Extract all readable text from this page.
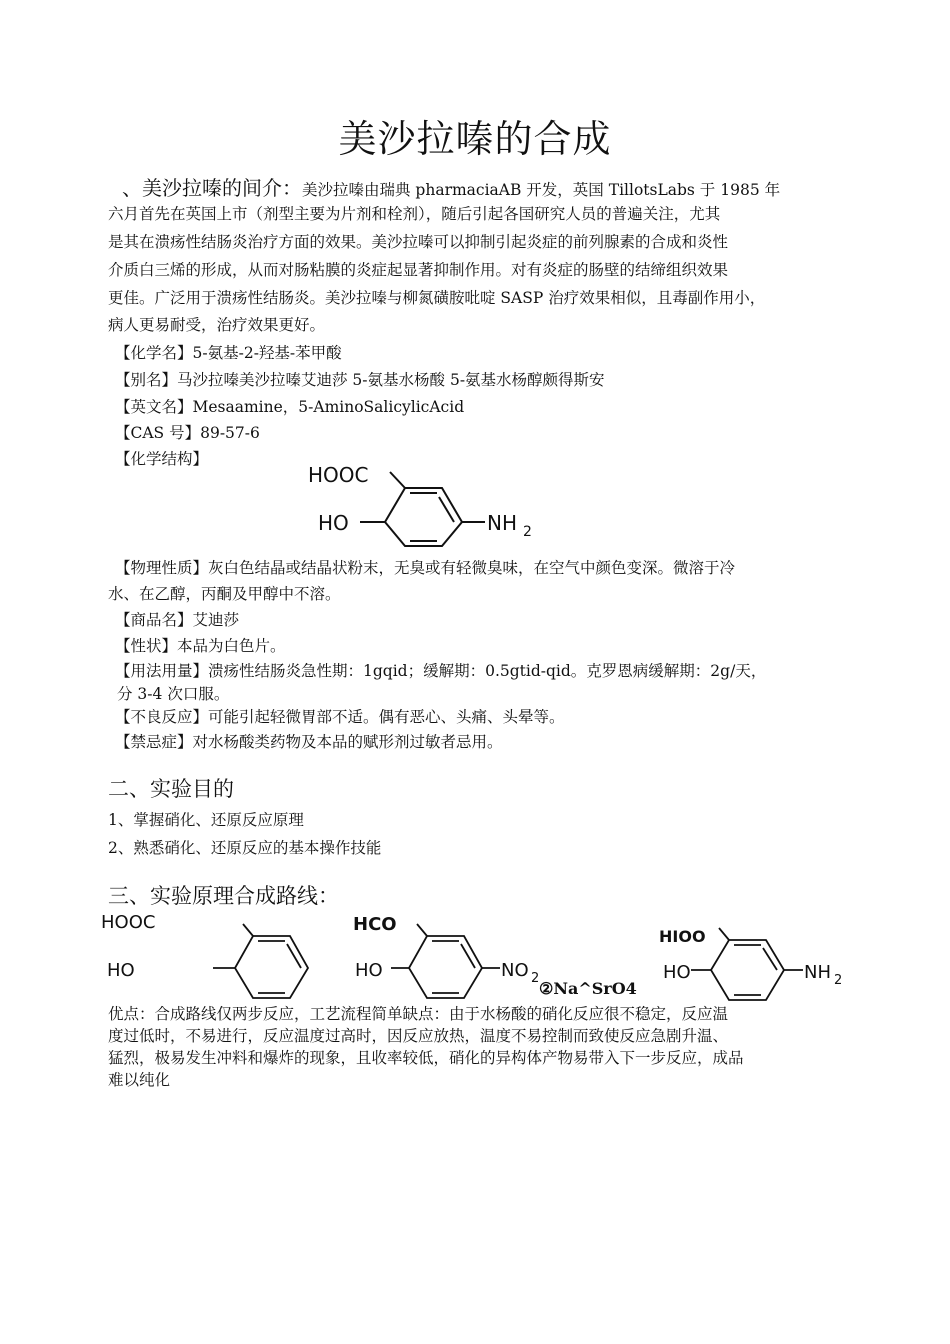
美沙拉嗪的合成
、美沙拉嗪的间介：美沙拉嗪由瑞典 pharmaciaAB 开发，英国 TillotsLabs 于 1985 年
六月首先在英国上市（剂型主要为片剂和栓剂），随后引起各国研究人员的普遍关注，尤其
是其在溃疡性结肠炎治疗方面的效果。美沙拉嗪可以抑制引起炎症的前列腺素的合成和炎性
介质白三烯的形成，从而对肠粘膜的炎症起显著抑制作用。对有炎症的肠壁的结缔组织效果
更佳。广泛用于溃疡性结肠炎。美沙拉嗪与柳氮磺胺吡啶 SASP 治疗效果相似，且毒副作用小，
病人更易耐受，治疗效果更好。
【化学名】5-氨基-2-羟基-苯甲酸
【别名】马沙拉嗪美沙拉嗪艾迪莎 5-氨基水杨酸 5-氨基水杨醇颇得斯安
【英文名】Mesaamine，5-AminoSalicylicAcid
【CAS 号】89-57-6
【化学结构】
HOOC
HO	NH 2
【物理性质】灰白色结晶或结晶状粉末，无臭或有轻微臭味，在空气中颜色变深。微溶于冷
水、在乙醇，丙酮及甲醇中不溶。
【商品名】艾迪莎
【性状】本品为白色片。
【用法用量】溃疡性结肠炎急性期：1gqid；缓解期：0.5gtid-qid。克罗恩病缓解期：2g/天，
分 3-4 次口服。
【不良反应】可能引起轻微胃部不适。偶有恶心、头痛、头晕等。
【禁忌症】对水杨酸类药物及本品的赋形剂过敏者忌用。
二、实验目的
1、掌握硝化、还原反应原理
2、熟悉硝化、还原反应的基本操作技能
三、实验原理合成路线：
HOOC
HO
HCO
HO	NO 2
②Na^SrO4
HIOO
HO	NH 2
优点：合成路线仅两步反应，工艺流程简单缺点：由于水杨酸的硝化反应很不稳定，反应温
度过低时，不易进行，反应温度过高时，因反应放热，温度不易控制而致使反应急剧升温、
猛烈，极易发生冲料和爆炸的现象，且收率较低，硝化的异构体产物易带入下一步反应，成品
难以纯化
